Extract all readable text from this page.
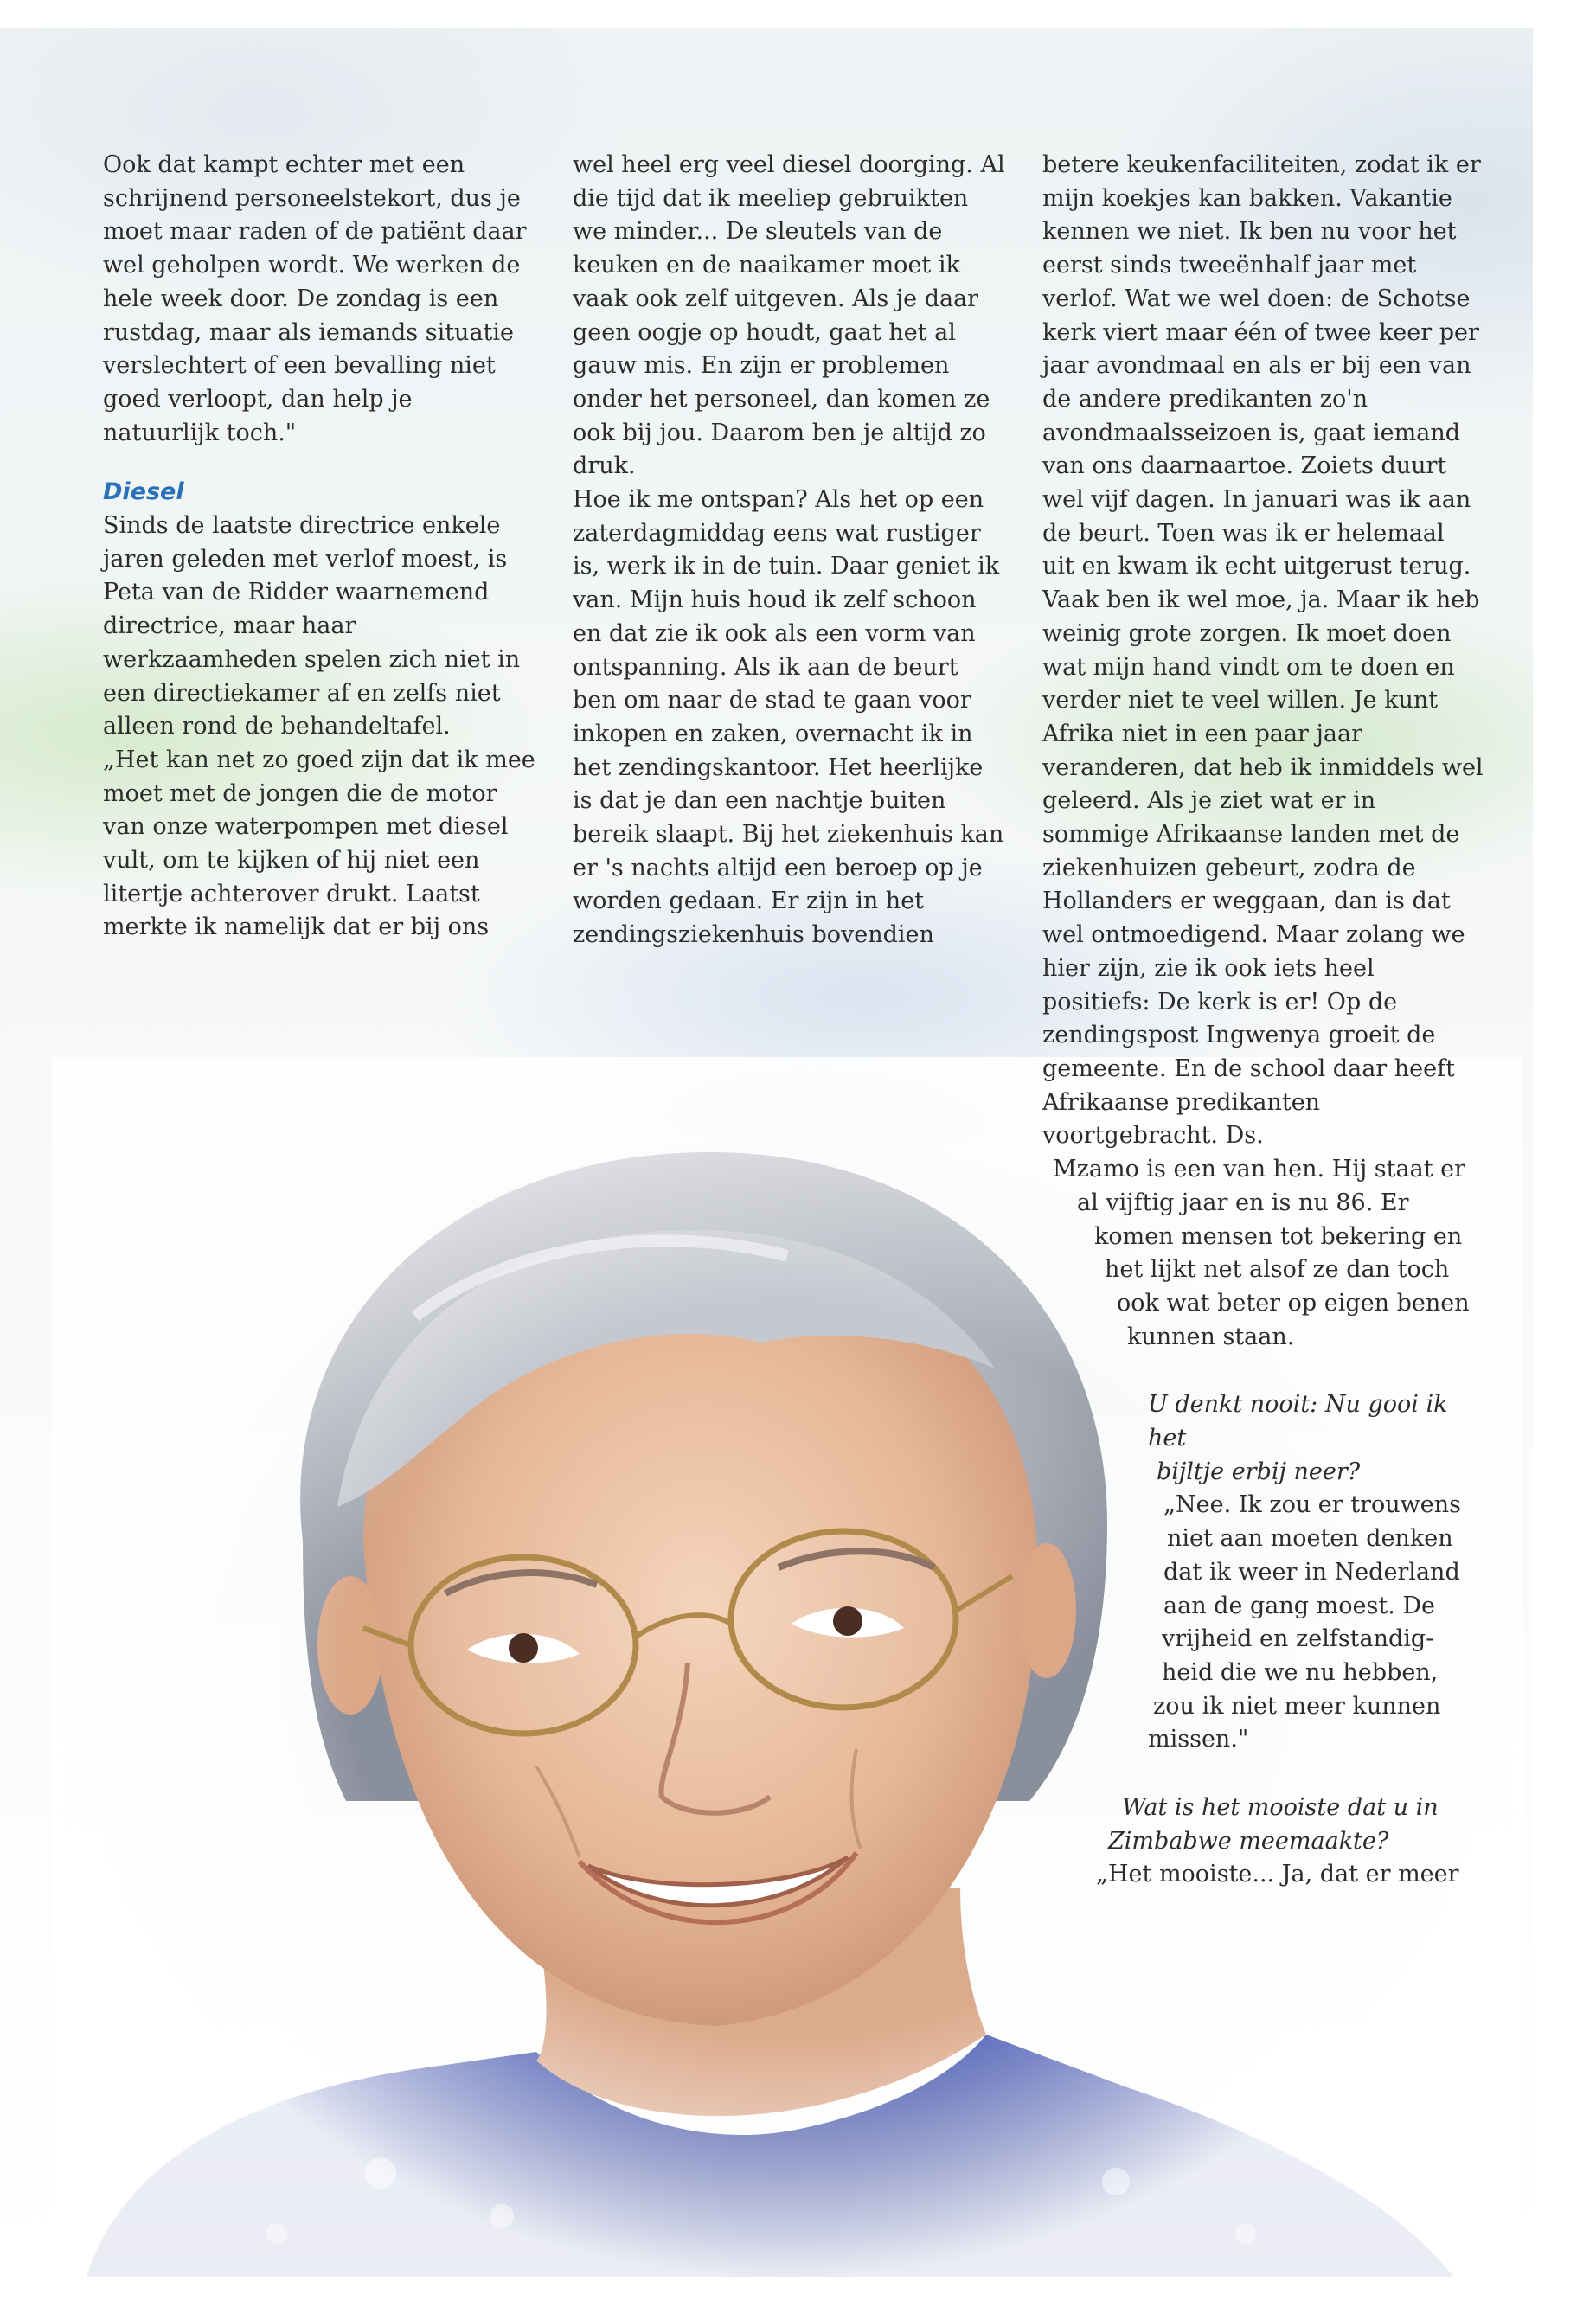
Ook dat kampt echter met een schrijnend personeelstekort, dus je moet maar raden of de patiënt daar wel geholpen wordt. We werken de hele week door. De zondag is een rustdag, maar als iemands situatie verslechtert of een bevalling niet goed verloopt, dan help je natuurlijk toch."

Diesel

Sinds de laatste directrice enkele jaren geleden met verlof moest, is Peta van de Ridder waarnemend directrice, maar haar werkzaamheden spelen zich niet in een directiekamer af en zelfs niet alleen rond de behandeltafel.

„Het kan net zo goed zijn dat ik mee moet met de jongen die de motor van onze waterpompen met diesel vult, om te kijken of hij niet een litertje achterover drukt. Laatst merkte ik namelijk dat er bij ons

wel heel erg veel diesel doorging. Al die tijd dat ik meeliep gebruikten we minder... De sleutels van de keuken en de naaikamer moet ik vaak ook zelf uitgeven. Als je daar geen oogje op houdt, gaat het al gauw mis. En zijn er problemen onder het personeel, dan komen ze ook bij jou. Daarom ben je altijd zo druk.

Hoe ik me ontspan? Als het op een zaterdagmiddag eens wat rustiger is, werk ik in de tuin. Daar geniet ik van. Mijn huis houd ik zelf schoon en dat zie ik ook als een vorm van ontspanning. Als ik aan de beurt ben om naar de stad te gaan voor inkopen en zaken, overnacht ik in het zendingskantoor. Het heerlijke is dat je dan een nachtje buiten bereik slaapt. Bij het ziekenhuis kan er 's nachts altijd een beroep op je worden gedaan. Er zijn in het zendingsziekenhuis bovendien

betere keukenfaciliteiten, zodat ik er mijn koekjes kan bakken. Vakantie kennen we niet. Ik ben nu voor het eerst sinds tweeënhalf jaar met verlof. Wat we wel doen: de Schotse kerk viert maar één of twee keer per jaar avondmaal en als er bij een van de andere predikanten zo'n avondmaalsseizoen is, gaat iemand van ons daarnaartoe. Zoiets duurt wel vijf dagen. In januari was ik aan de beurt. Toen was ik er helemaal uit en kwam ik echt uitgerust terug.

Vaak ben ik wel moe, ja. Maar ik heb weinig grote zorgen. Ik moet doen wat mijn hand vindt om te doen en verder niet te veel willen. Je kunt Afrika niet in een paar jaar veranderen, dat heb ik inmiddels wel geleerd. Als je ziet wat er in sommige Afrikaanse landen met de ziekenhuizen gebeurt, zodra de Hollanders er weggaan, dan is dat wel ontmoedigend. Maar zolang we hier zijn, zie ik ook iets heel positiefs: De kerk is er! Op de zendingspost Ingwenya groeit de gemeente. En de school daar heeft Afrikaanse predikanten voortgebracht. Ds.

Mzamo is een van hen. Hij staat er
al vijftig jaar en is nu 86. Er
komen mensen tot bekering en
het lijkt net alsof ze dan toch
ook wat beter op eigen benen
kunnen staan.
U denkt nooit: Nu gooi ik het
bijltje erbij neer?
„Nee. Ik zou er trouwens
niet aan moeten denken
dat ik weer in Nederland
aan de gang moest. De
vrijheid en zelfstandig-
heid die we nu hebben,
zou ik niet meer kunnen
missen."
Wat is het mooiste dat u in
Zimbabwe meemaakte?
„Het mooiste... Ja, dat er meer
